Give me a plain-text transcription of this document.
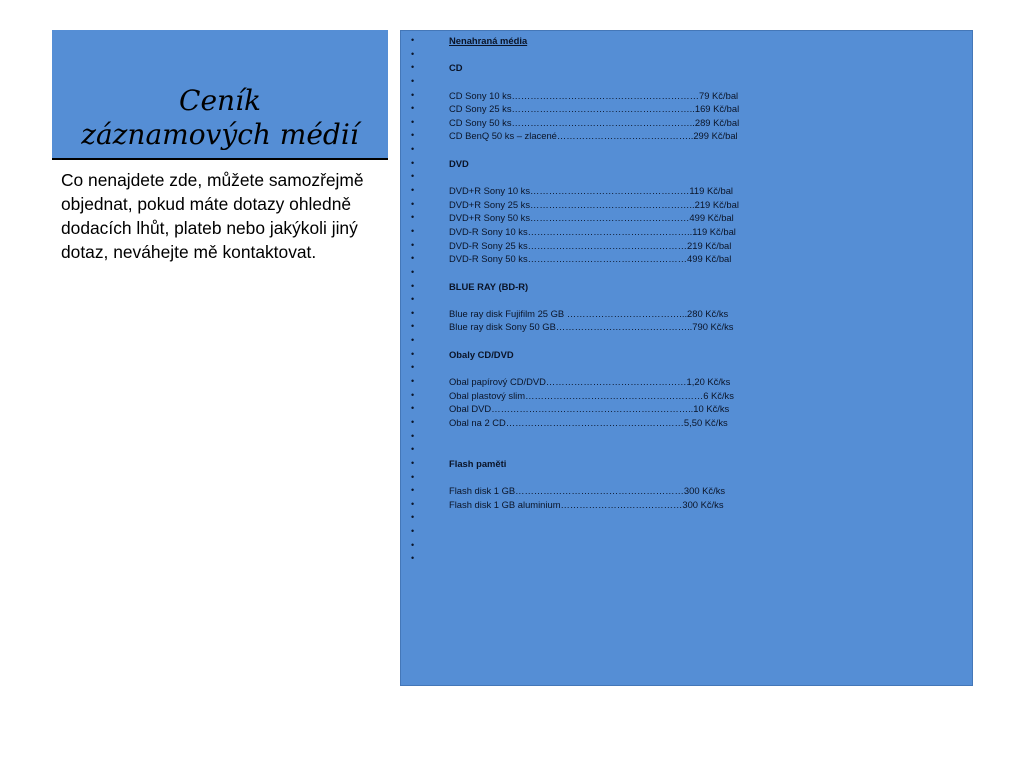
Ceník
záznamových médií
Co nenajdete zde, můžete samozřejmě objednat, pokud máte dotazy ohledně dodacích lhůt, plateb nebo jakýkoli jiný dotaz, neváhejte mě kontaktovat.
•	Nenahraná média
•
•	CD
•
•	CD Sony 10 ks……………………………………………………79 Kč/bal
•	CD Sony 25 ks…………………………………………………..169 Kč/bal
•	CD Sony 50 ks…………………………………………………..289 Kč/bal
•	CD BenQ 50 ks – zlacené……………………………………..299 Kč/bal
•
•	DVD
•
•	DVD+R Sony 10 ks……………………………………………119 Kč/bal
•	DVD+R Sony 25 ks……………………………………………..219 Kč/bal
•	DVD+R Sony 50 ks……………………………………………499 Kč/bal
•	DVD-R Sony 10 ks……………………………………………..119 Kč/bal
•	DVD-R Sony 25 ks……………………………………………219 Kč/bal
•	DVD-R Sony 50 ks……………………………………………499 Kč/bal
•
•	BLUE RAY (BD-R)
•
•	Blue ray disk Fujifilm 25 GB ………………………………...280 Kč/ks
•	Blue ray disk Sony 50 GB……………………………………..790 Kč/ks
•
•	Obaly CD/DVD
•
•	Obal papírový CD/DVD………………………………………1,20 Kč/ks
•	Obal plastový slim…………………………………………………6 Kč/ks
•	Obal DVD………………………………………………………..10 Kč/ks
•	Obal na 2 CD…………………………………………………5,50 Kč/ks
•
•
•	Flash paměti
•
•	Flash disk 1 GB………………………………………………300 Kč/ks
•	Flash disk 1 GB aluminium…………………………………300 Kč/ks
•
•
•
•
